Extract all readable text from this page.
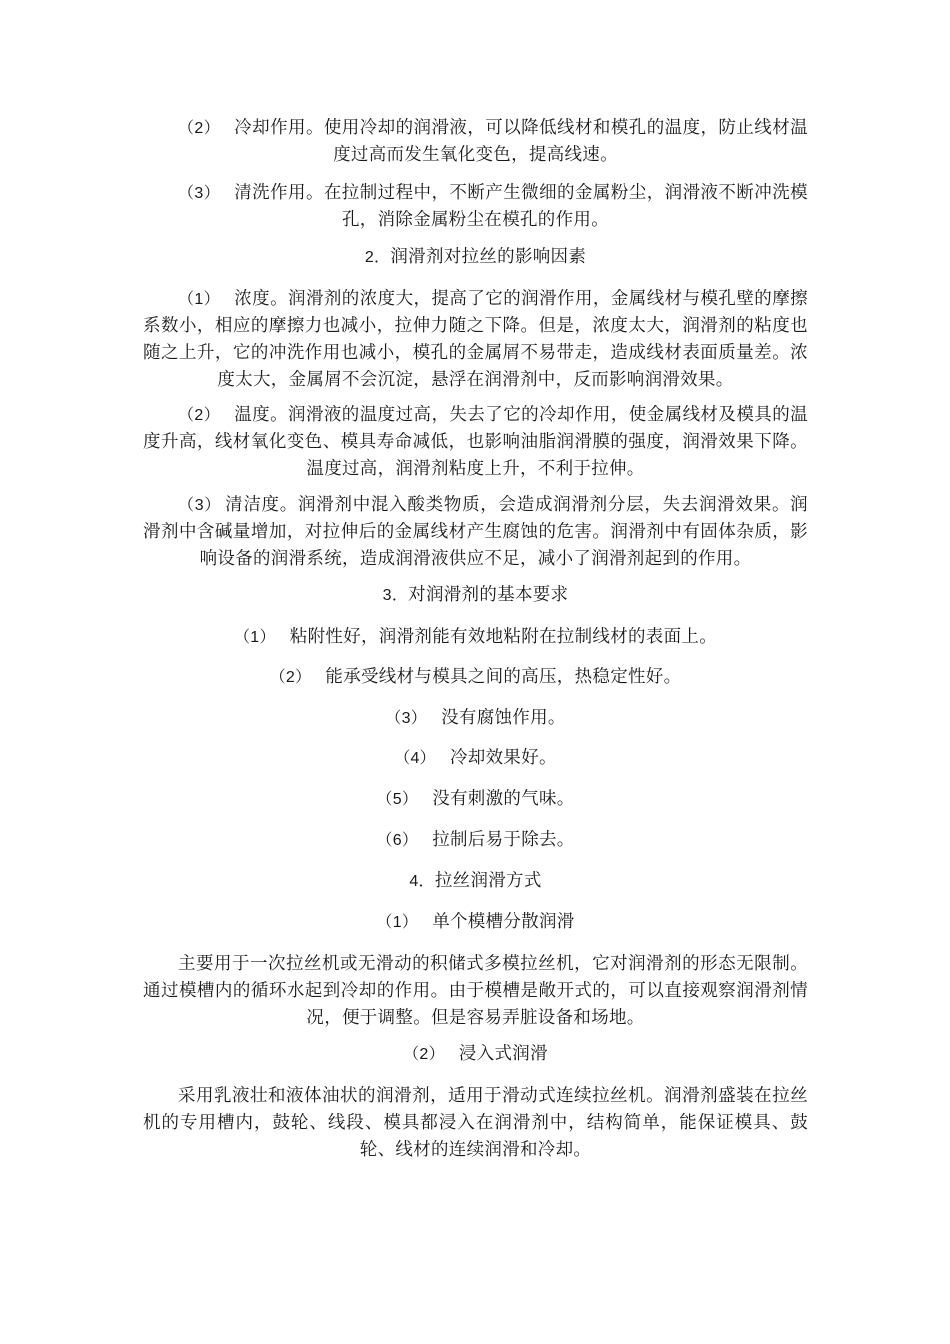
（2） 冷却作用。使用冷却的润滑液，可以降低线材和模孔的温度，防止线材温度过高而发生氧化变色，提高线速。

（3） 清洗作用。在拉制过程中，不断产生微细的金属粉尘，润滑液不断冲洗模孔，消除金属粉尘在模孔的作用。

2．润滑剂对拉丝的影响因素

（1） 浓度。润滑剂的浓度大，提高了它的润滑作用，金属线材与模孔壁的摩擦系数小，相应的摩擦力也减小，拉伸力随之下降。但是，浓度太大，润滑剂的粘度也随之上升，它的冲洗作用也减小，模孔的金属屑不易带走，造成线材表面质量差。浓度太大，金属屑不会沉淀，悬浮在润滑剂中，反而影响润滑效果。

（2） 温度。润滑液的温度过高，失去了它的冷却作用，使金属线材及模具的温度升高，线材氧化变色、模具寿命减低，也影响油脂润滑膜的强度，润滑效果下降。温度过高，润滑剂粘度上升，不利于拉伸。

（3） 清洁度。润滑剂中混入酸类物质，会造成润滑剂分层，失去润滑效果。润滑剂中含碱量增加，对拉伸后的金属线材产生腐蚀的危害。润滑剂中有固体杂质，影响设备的润滑系统，造成润滑液供应不足，减小了润滑剂起到的作用。

3．对润滑剂的基本要求

（1） 粘附性好，润滑剂能有效地粘附在拉制线材的表面上。

（2） 能承受线材与模具之间的高压，热稳定性好。

（3） 没有腐蚀作用。

（4） 冷却效果好。

（5） 没有刺激的气味。

（6） 拉制后易于除去。

4．拉丝润滑方式

（1） 单个模槽分散润滑

主要用于一次拉丝机或无滑动的积储式多模拉丝机，它对润滑剂的形态无限制。通过模槽内的循环水起到冷却的作用。由于模槽是敞开式的，可以直接观察润滑剂情况，便于调整。但是容易弄脏设备和场地。

（2） 浸入式润滑

采用乳液壮和液体油状的润滑剂，适用于滑动式连续拉丝机。润滑剂盛装在拉丝机的专用槽内，鼓轮、线段、模具都浸入在润滑剂中，结构简单，能保证模具、鼓轮、线材的连续润滑和冷却。
